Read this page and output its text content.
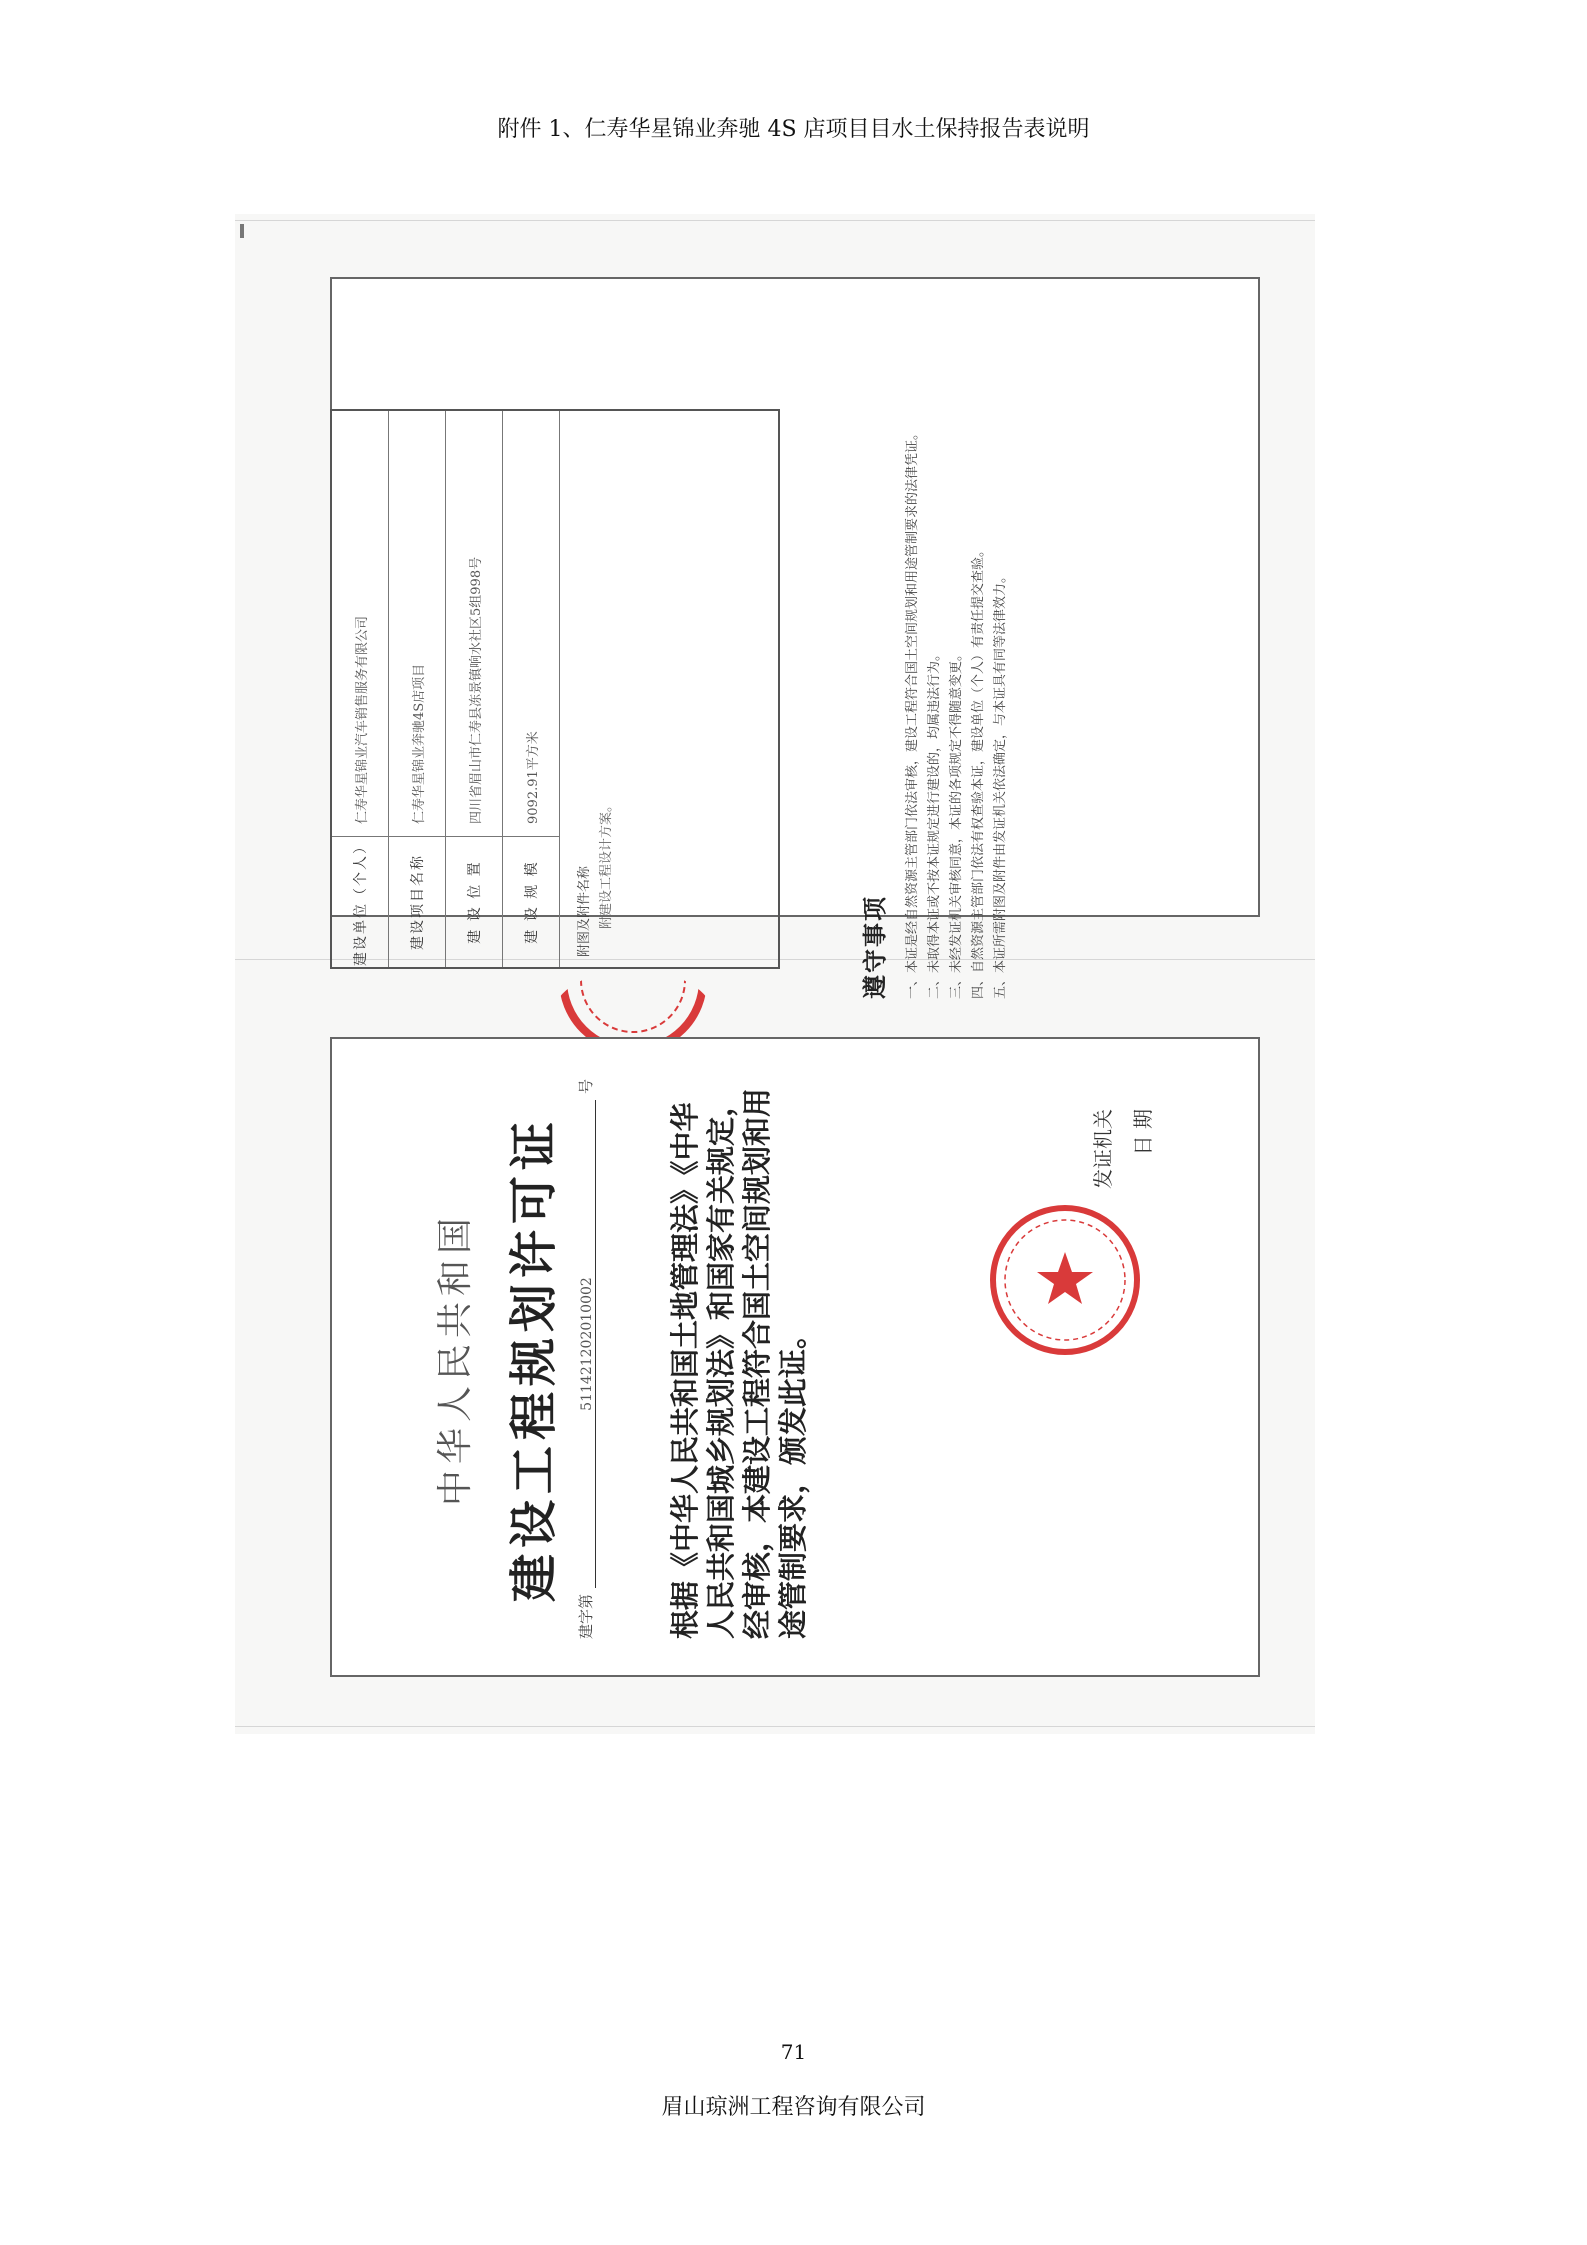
附件 1、仁寿华星锦业奔驰 4S 店项目目水土保持报告表说明
建设单位（个人）
仁寿华星锦业汽车销售服务有限公司
建设项目名称
仁寿华星锦业奔驰4S店项目
建 设 位 置
四川省眉山市仁寿县冻景镇响水社区5组998号
建 设 规 模
9092.91平方米
附图及附件名称 附建设工程设计方案。
遵守事项 一、本证是经自然资源主管部门依法审核，建设工程符合国土空间规划和用途管制要求的法律凭证。 二、未取得本证或不按本证规定进行建设的，均属违法行为。 三、未经发证机关审核同意，本证的各项规定不得随意变更。 四、自然资源主管部门依法有权查验本证，建设单位（个人）有责任提交查验。 五、本证所需附图及附件由发证机关依法确定，与本证具有同等法律效力。
中华人民共和国 建设工程规划许可证
建字第
511421202010002
号
根据《中华人民共和国土地管理法》《中华人民共和国城乡规划法》和国家有关规定，经审核，本建设工程符合国土空间规划和用途管制要求，颁发此证。
发证机关 日 期
71
眉山琼洲工程咨询有限公司
